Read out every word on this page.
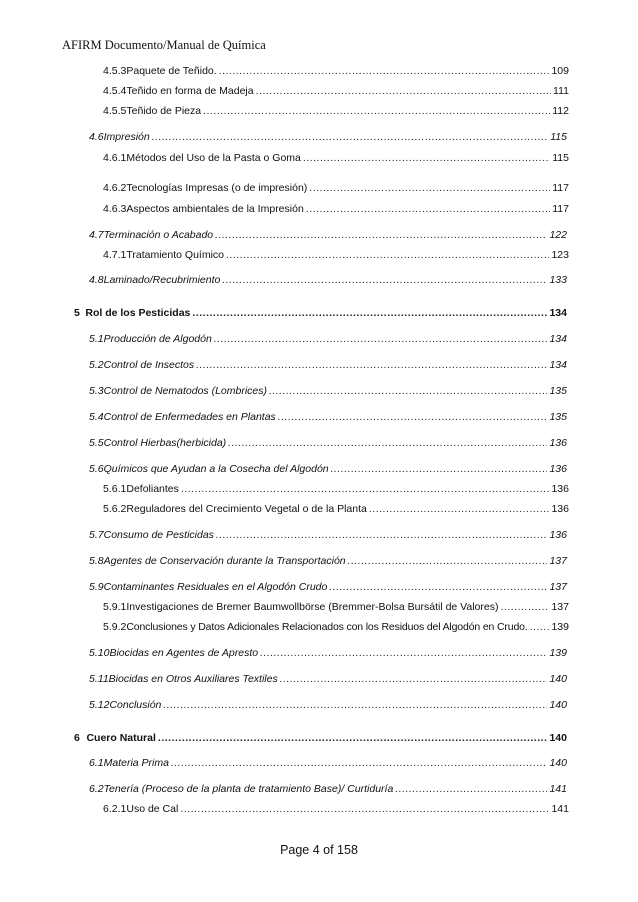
AFIRM Documento/Manual de Química
4.5.3 Paquete de Teñido. .....	109
4.5.4 Teñido en forma de Madeja .....	111
4.5.5 Teñido de Pieza .....	112
4.6 Impresión .....	115
4.6.1 Métodos del Uso de la Pasta o Goma .....	115
4.6.2 Tecnologías Impresas (o de impresión) .....	117
4.6.3 Aspectos ambientales de la Impresión .....	117
4.7 Terminación o Acabado .....	122
4.7.1 Tratamiento Químico .....	123
4.8 Laminado/Recubrimiento .....	133
5 Rol de los Pesticidas .....	134
5.1 Producción de Algodón .....	134
5.2 Control de Insectos .....	134
5.3 Control de Nematodos (Lombrices) .....	135
5.4 Control de Enfermedades en Plantas .....	135
5.5 Control Hierbas(herbicida) .....	136
5.6 Químicos que Ayudan a la Cosecha del Algodón .....	136
5.6.1 Defoliantes .....	136
5.6.2 Reguladores del Crecimiento Vegetal o de la Planta .....	136
5.7 Consumo de Pesticidas .....	136
5.8 Agentes de Conservación durante la Transportación .....	137
5.9 Contaminantes Residuales en el Algodón Crudo .....	137
5.9.1 Investigaciones de Bremer Baumwollbörse (Bremmer-Bolsa Bursátil de Valores) .....	137
5.9.2 Conclusiones y Datos Adicionales Relacionados con los Residuos del Algodón en Crudo. ..... 139
5.10 Biocidas en Agentes de Apresto .....	139
5.11 Biocidas en Otros Auxiliares Textiles .....	140
5.12 Conclusión .....	140
6 Cuero Natural .....	140
6.1 Materia Prima .....	140
6.2 Tenería (Proceso de la planta de tratamiento Base)/ Curtiduría .....	141
6.2.1 Uso de Cal .....	141
Page 4 of 158
